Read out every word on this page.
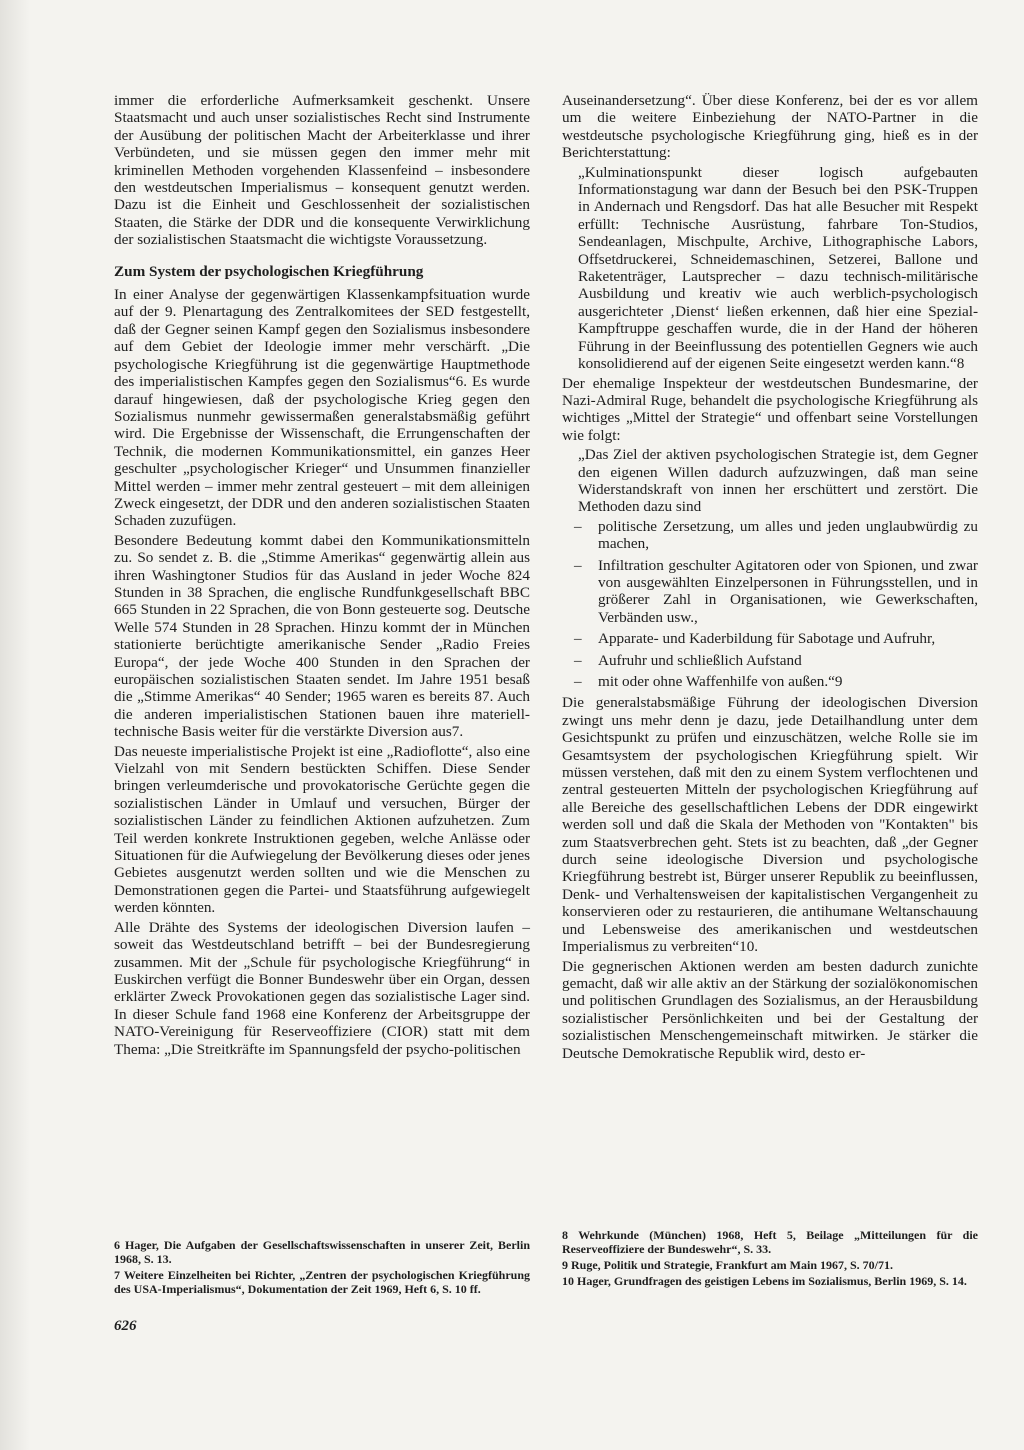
immer die erforderliche Aufmerksamkeit geschenkt. Unsere Staatsmacht und auch unser sozialistisches Recht sind Instrumente der Ausübung der politischen Macht der Arbeiterklasse und ihrer Verbündeten, und sie müssen gegen den immer mehr mit kriminellen Methoden vorgehenden Klassenfeind – insbesondere den westdeutschen Imperialismus – konsequent genutzt werden. Dazu ist die Einheit und Geschlossenheit der sozialistischen Staaten, die Stärke der DDR und die konsequente Verwirklichung der sozialistischen Staatsmacht die wichtigste Voraussetzung.

Zum System der psychologischen Kriegführung

In einer Analyse der gegenwärtigen Klassenkampfsituation wurde auf der 9. Plenartagung des Zentralkomitees der SED festgestellt, daß der Gegner seinen Kampf gegen den Sozialismus insbesondere auf dem Gebiet der Ideologie immer mehr verschärft. „Die psychologische Kriegführung ist die gegenwärtige Hauptmethode des imperialistischen Kampfes gegen den Sozialismus“6. Es wurde darauf hingewiesen, daß der psychologische Krieg gegen den Sozialismus nunmehr gewissermaßen generalstabsmäßig geführt wird. Die Ergebnisse der Wissenschaft, die Errungenschaften der Technik, die modernen Kommunikationsmittel, ein ganzes Heer geschulter „psychologischer Krieger“ und Unsummen finanzieller Mittel werden – immer mehr zentral gesteuert – mit dem alleinigen Zweck eingesetzt, der DDR und den anderen sozialistischen Staaten Schaden zuzufügen.

Besondere Bedeutung kommt dabei den Kommunikationsmitteln zu. So sendet z. B. die „Stimme Amerikas“ gegenwärtig allein aus ihren Washingtoner Studios für das Ausland in jeder Woche 824 Stunden in 38 Sprachen, die englische Rundfunkgesellschaft BBC 665 Stunden in 22 Sprachen, die von Bonn gesteuerte sog. Deutsche Welle 574 Stunden in 28 Sprachen. Hinzu kommt der in München stationierte berüchtigte amerikanische Sender „Radio Freies Europa“, der jede Woche 400 Stunden in den Sprachen der europäischen sozialistischen Staaten sendet. Im Jahre 1951 besaß die „Stimme Amerikas“ 40 Sender; 1965 waren es bereits 87. Auch die anderen imperialistischen Stationen bauen ihre materiell-technische Basis weiter für die verstärkte Diversion aus7.

Das neueste imperialistische Projekt ist eine „Radioflotte“, also eine Vielzahl von mit Sendern bestückten Schiffen. Diese Sender bringen verleumderische und provokatorische Gerüchte gegen die sozialistischen Länder in Umlauf und versuchen, Bürger der sozialistischen Länder zu feindlichen Aktionen aufzuhetzen. Zum Teil werden konkrete Instruktionen gegeben, welche Anlässe oder Situationen für die Aufwiegelung der Bevölkerung dieses oder jenes Gebietes ausgenutzt werden sollten und wie die Menschen zu Demonstrationen gegen die Partei- und Staatsführung aufgewiegelt werden könnten.

Alle Drähte des Systems der ideologischen Diversion laufen – soweit das Westdeutschland betrifft – bei der Bundesregierung zusammen. Mit der „Schule für psychologische Kriegführung“ in Euskirchen verfügt die Bonner Bundeswehr über ein Organ, dessen erklärter Zweck Provokationen gegen das sozialistische Lager sind. In dieser Schule fand 1968 eine Konferenz der Arbeitsgruppe der NATO-Vereinigung für Reserveoffiziere (CIOR) statt mit dem Thema: „Die Streitkräfte im Spannungsfeld der psycho-politischen

Auseinandersetzung“. Über diese Konferenz, bei der es vor allem um die weitere Einbeziehung der NATO-Partner in die westdeutsche psychologische Kriegführung ging, hieß es in der Berichterstattung:

„Kulminationspunkt dieser logisch aufgebauten Informationstagung war dann der Besuch bei den PSK-Truppen in Andernach und Rengsdorf. Das hat alle Besucher mit Respekt erfüllt: Technische Ausrüstung, fahrbare Ton-Studios, Sendeanlagen, Mischpulte, Archive, Lithographische Labors, Offsetdruckerei, Schneidemaschinen, Setzerei, Ballone und Raketenträger, Lautsprecher – dazu technisch-militärische Ausbildung und kreativ wie auch werblich-psychologisch ausgerichteter ‚Dienst‘ ließen erkennen, daß hier eine Spezial-Kampftruppe geschaffen wurde, die in der Hand der höheren Führung in der Beeinflussung des potentiellen Gegners wie auch konsolidierend auf der eigenen Seite eingesetzt werden kann.“8

Der ehemalige Inspekteur der westdeutschen Bundesmarine, der Nazi-Admiral Ruge, behandelt die psychologische Kriegführung als wichtiges „Mittel der Strategie“ und offenbart seine Vorstellungen wie folgt:

„Das Ziel der aktiven psychologischen Strategie ist, dem Gegner den eigenen Willen dadurch aufzuzwingen, daß man seine Widerstandskraft von innen her erschüttert und zerstört. Die Methoden dazu sind

– politische Zersetzung, um alles und jeden unglaubwürdig zu machen,
– Infiltration geschulter Agitatoren oder von Spionen, und zwar von ausgewählten Einzelpersonen in Führungsstellen, und in größerer Zahl in Organisationen, wie Gewerkschaften, Verbänden usw.,
– Apparate- und Kaderbildung für Sabotage und Aufruhr,
– Aufruhr und schließlich Aufstand
– mit oder ohne Waffenhilfe von außen.“9

Die generalstabsmäßige Führung der ideologischen Diversion zwingt uns mehr denn je dazu, jede Detailhandlung unter dem Gesichtspunkt zu prüfen und einzuschätzen, welche Rolle sie im Gesamtsystem der psychologischen Kriegführung spielt. Wir müssen verstehen, daß mit den zu einem System verflochtenen und zentral gesteuerten Mitteln der psychologischen Kriegführung auf alle Bereiche des gesellschaftlichen Lebens der DDR eingewirkt werden soll und daß die Skala der Methoden von "Kontakten" bis zum Staatsverbrechen geht. Stets ist zu beachten, daß „der Gegner durch seine ideologische Diversion und psychologische Kriegführung bestrebt ist, Bürger unserer Republik zu beeinflussen, Denk- und Verhaltensweisen der kapitalistischen Vergangenheit zu konservieren oder zu restaurieren, die antihumane Weltanschauung und Lebensweise des amerikanischen und westdeutschen Imperialismus zu verbreiten“10.

Die gegnerischen Aktionen werden am besten dadurch zunichte gemacht, daß wir alle aktiv an der Stärkung der sozialökonomischen und politischen Grundlagen des Sozialismus, an der Herausbildung sozialistischer Persönlichkeiten und bei der Gestaltung der sozialistischen Menschengemeinschaft mitwirken. Je stärker die Deutsche Demokratische Republik wird, desto er-

6 Hager, Die Aufgaben der Gesellschaftswissenschaften in unserer Zeit, Berlin 1968, S. 13.

7 Weitere Einzelheiten bei Richter, „Zentren der psychologischen Kriegführung des USA-Imperialismus“, Dokumentation der Zeit 1969, Heft 6, S. 10 ff.

8 Wehrkunde (München) 1968, Heft 5, Beilage „Mitteilungen für die Reserveoffiziere der Bundeswehr“, S. 33.

9 Ruge, Politik und Strategie, Frankfurt am Main 1967, S. 70/71.

10 Hager, Grundfragen des geistigen Lebens im Sozialismus, Berlin 1969, S. 14.

626
